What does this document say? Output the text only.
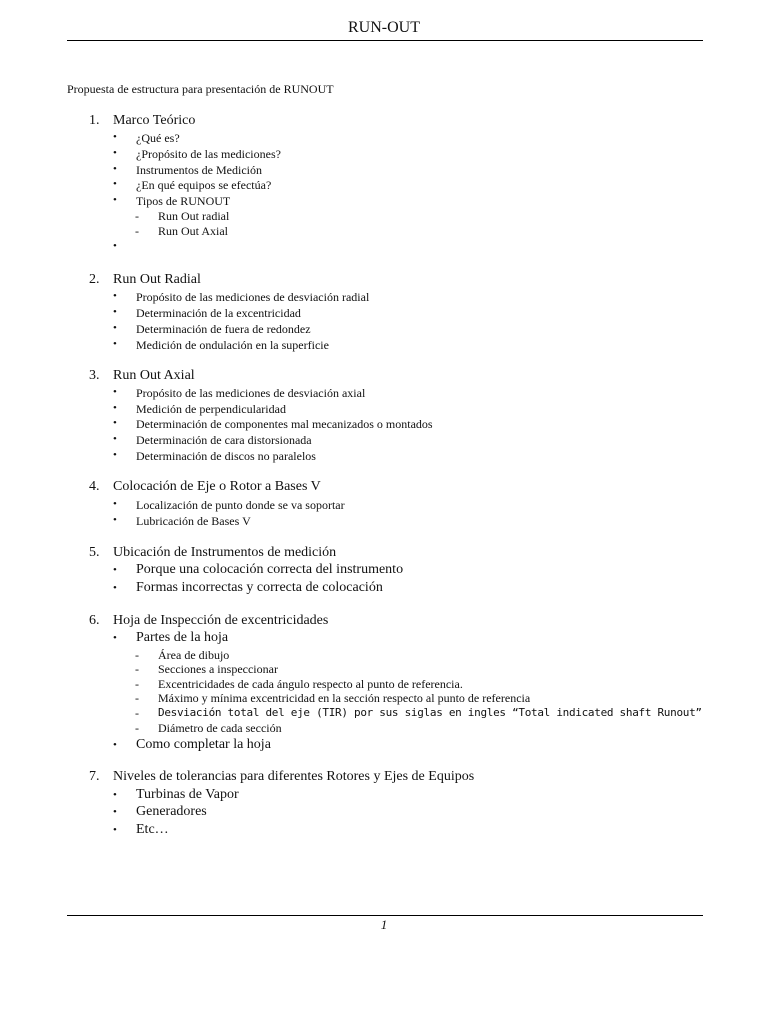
RUN-OUT
Propuesta de estructura para presentación de RUNOUT
1. Marco Teórico
• ¿Qué es?
• ¿Propósito de las mediciones?
• Instrumentos de Medición
• ¿En qué equipos se efectúa?
• Tipos de RUNOUT
- Run Out radial
- Run Out Axial
•
2. Run Out Radial
• Propósito de las mediciones de desviación radial
• Determinación de la excentricidad
• Determinación de fuera de redondez
• Medición de ondulación en la superficie
3. Run Out Axial
• Propósito de las mediciones de desviación axial
• Medición de perpendicularidad
• Determinación de componentes mal mecanizados o montados
• Determinación de cara distorsionada
• Determinación de discos no paralelos
4. Colocación de Eje o Rotor a Bases V
• Localización de punto donde se va soportar
• Lubricación de Bases V
5. Ubicación de Instrumentos de medición
• Porque una colocación correcta del instrumento
• Formas incorrectas y correcta de colocación
6. Hoja de Inspección de excentricidades
• Partes de la hoja
- Área de dibujo
- Secciones a inspeccionar
- Excentricidades de cada ángulo respecto al punto de referencia.
- Máximo y mínima excentricidad en la sección respecto al punto de referencia
- Desviación total del eje (TIR) por sus siglas en ingles “Total indicated shaft Runout”
- Diámetro de cada sección
• Como completar la hoja
7. Niveles de tolerancias para diferentes Rotores y Ejes de Equipos
• Turbinas de Vapor
• Generadores
• Etc…
1
